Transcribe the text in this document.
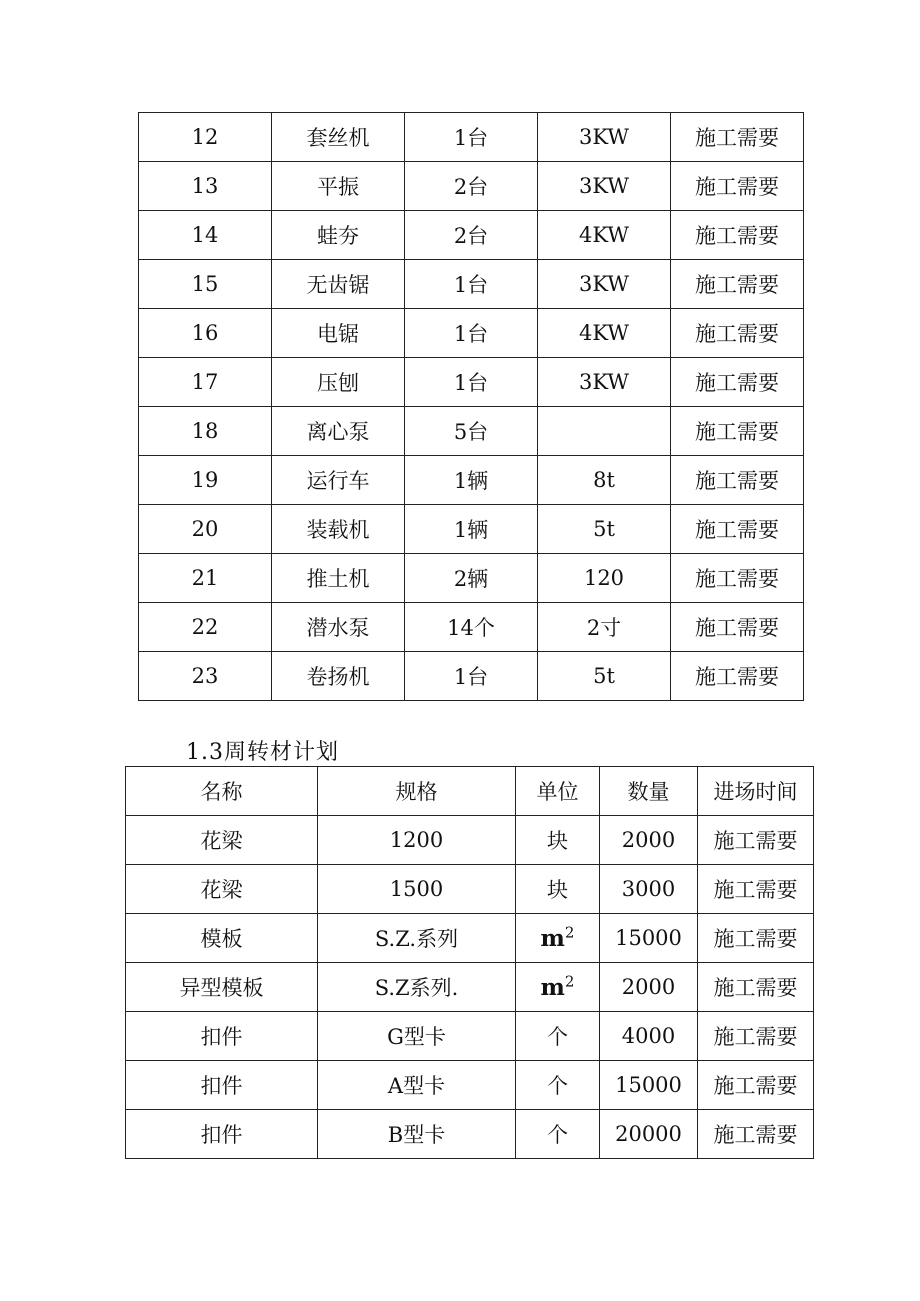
12	套丝机	1台	3KW	施工需要
13	平振	2台	3KW	施工需要
14	蛙夯	2台	4KW	施工需要
15	无齿锯	1台	3KW	施工需要
16	电锯	1台	4KW	施工需要
17	压刨	1台	3KW	施工需要
18	离心泵	5台		施工需要
19	运行车	1辆	8t	施工需要
20	装载机	1辆	5t	施工需要
21	推土机	2辆	120	施工需要
22	潜水泵	14个	2寸	施工需要
23	卷扬机	1台	5t	施工需要
1.3周转材计划
名称	规格	单位	数量	进场时间
花梁	1200	块	2000	施工需要
花梁	1500	块	3000	施工需要
模板	S.Z.系列	$m^2$	15000	施工需要
异型模板	S.Z系列.	$m^2$	2000	施工需要
扣件	G型卡	个	4000	施工需要
扣件	A型卡	个	15000	施工需要
扣件	B型卡	个	20000	施工需要
